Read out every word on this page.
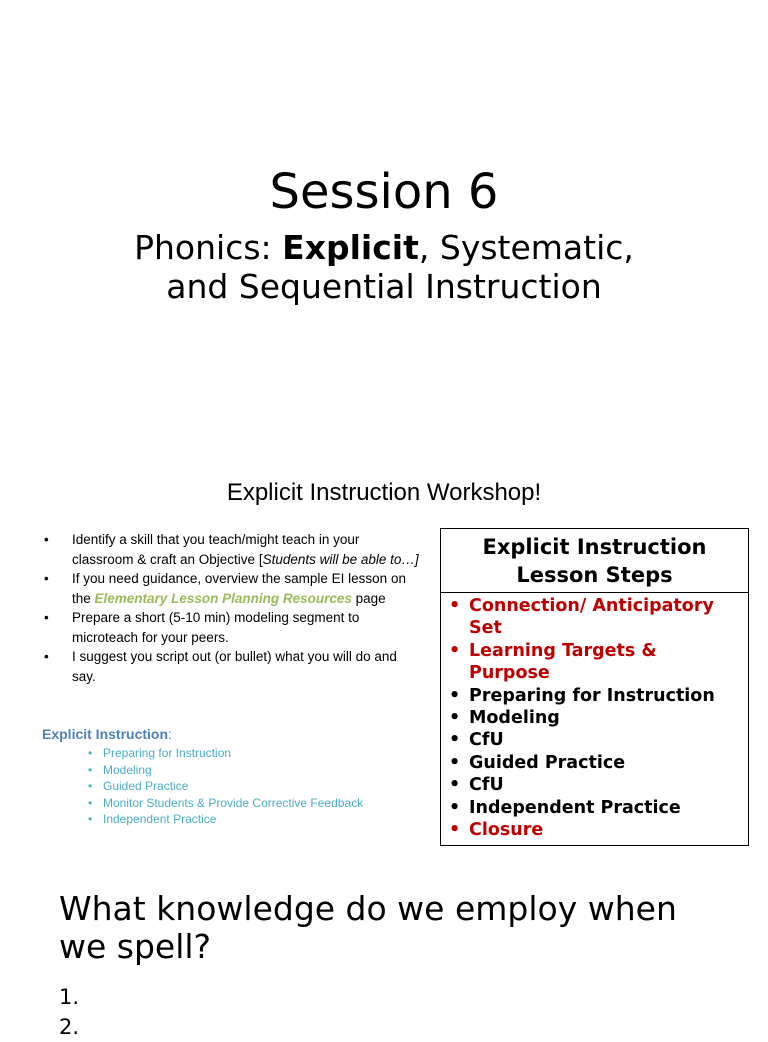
Session 6
Phonics: Explicit, Systematic,
and Sequential Instruction
Explicit Instruction Workshop!
• Identify a skill that you teach/might teach in your classroom & craft an Objective [Students will be able to…]
• If you need guidance, overview the sample EI lesson on the Elementary Lesson Planning Resources page
• Prepare a short (5-10 min) modeling segment to microteach for your peers.
• I suggest you script out (or bullet) what you will do and say.
Explicit Instruction:
• Preparing for Instruction
• Modeling
• Guided Practice
• Monitor Students & Provide Corrective Feedback
• Independent Practice
Explicit Instruction
Lesson Steps
• Connection/ Anticipatory
Set
• Learning Targets &
Purpose
• Preparing for Instruction
• Modeling
• CfU
• Guided Practice
• CfU
• Independent Practice
• Closure
What knowledge do we employ when we spell?
1.
2.
